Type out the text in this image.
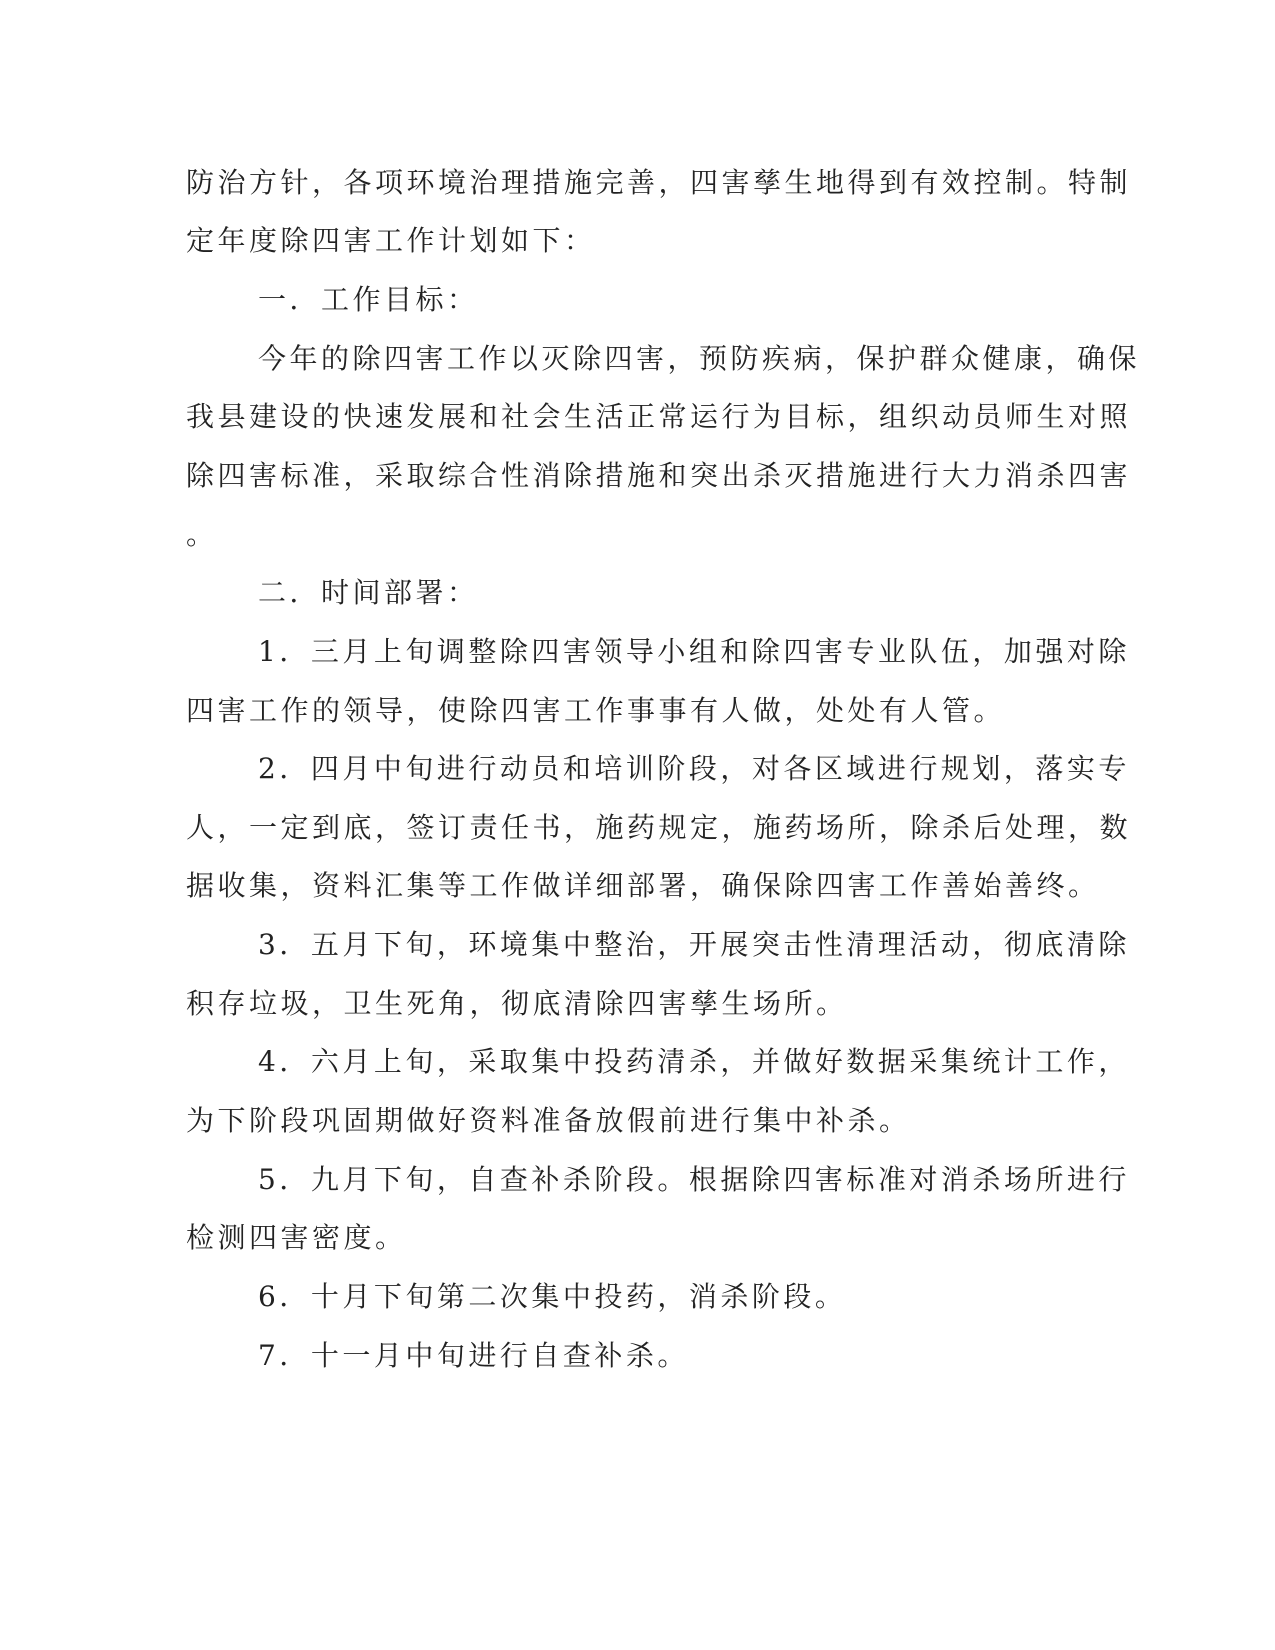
防治方针，各项环境治理措施完善，四害孳生地得到有效控制。特制
定年度除四害工作计划如下：
一．工作目标：
今年的除四害工作以灭除四害，预防疾病，保护群众健康，确保
我县建设的快速发展和社会生活正常运行为目标，组织动员师生对照
除四害标准，采取综合性消除措施和突出杀灭措施进行大力消杀四害
。
二．时间部署：
1．三月上旬调整除四害领导小组和除四害专业队伍，加强对除
四害工作的领导，使除四害工作事事有人做，处处有人管。
2．四月中旬进行动员和培训阶段，对各区域进行规划，落实专
人，一定到底，签订责任书，施药规定，施药场所，除杀后处理，数
据收集，资料汇集等工作做详细部署，确保除四害工作善始善终。
3．五月下旬，环境集中整治，开展突击性清理活动，彻底清除
积存垃圾，卫生死角，彻底清除四害孳生场所。
4．六月上旬，采取集中投药清杀，并做好数据采集统计工作，
为下阶段巩固期做好资料准备放假前进行集中补杀。
5．九月下旬，自查补杀阶段。根据除四害标准对消杀场所进行
检测四害密度。
6．十月下旬第二次集中投药，消杀阶段。
7．十一月中旬进行自查补杀。
